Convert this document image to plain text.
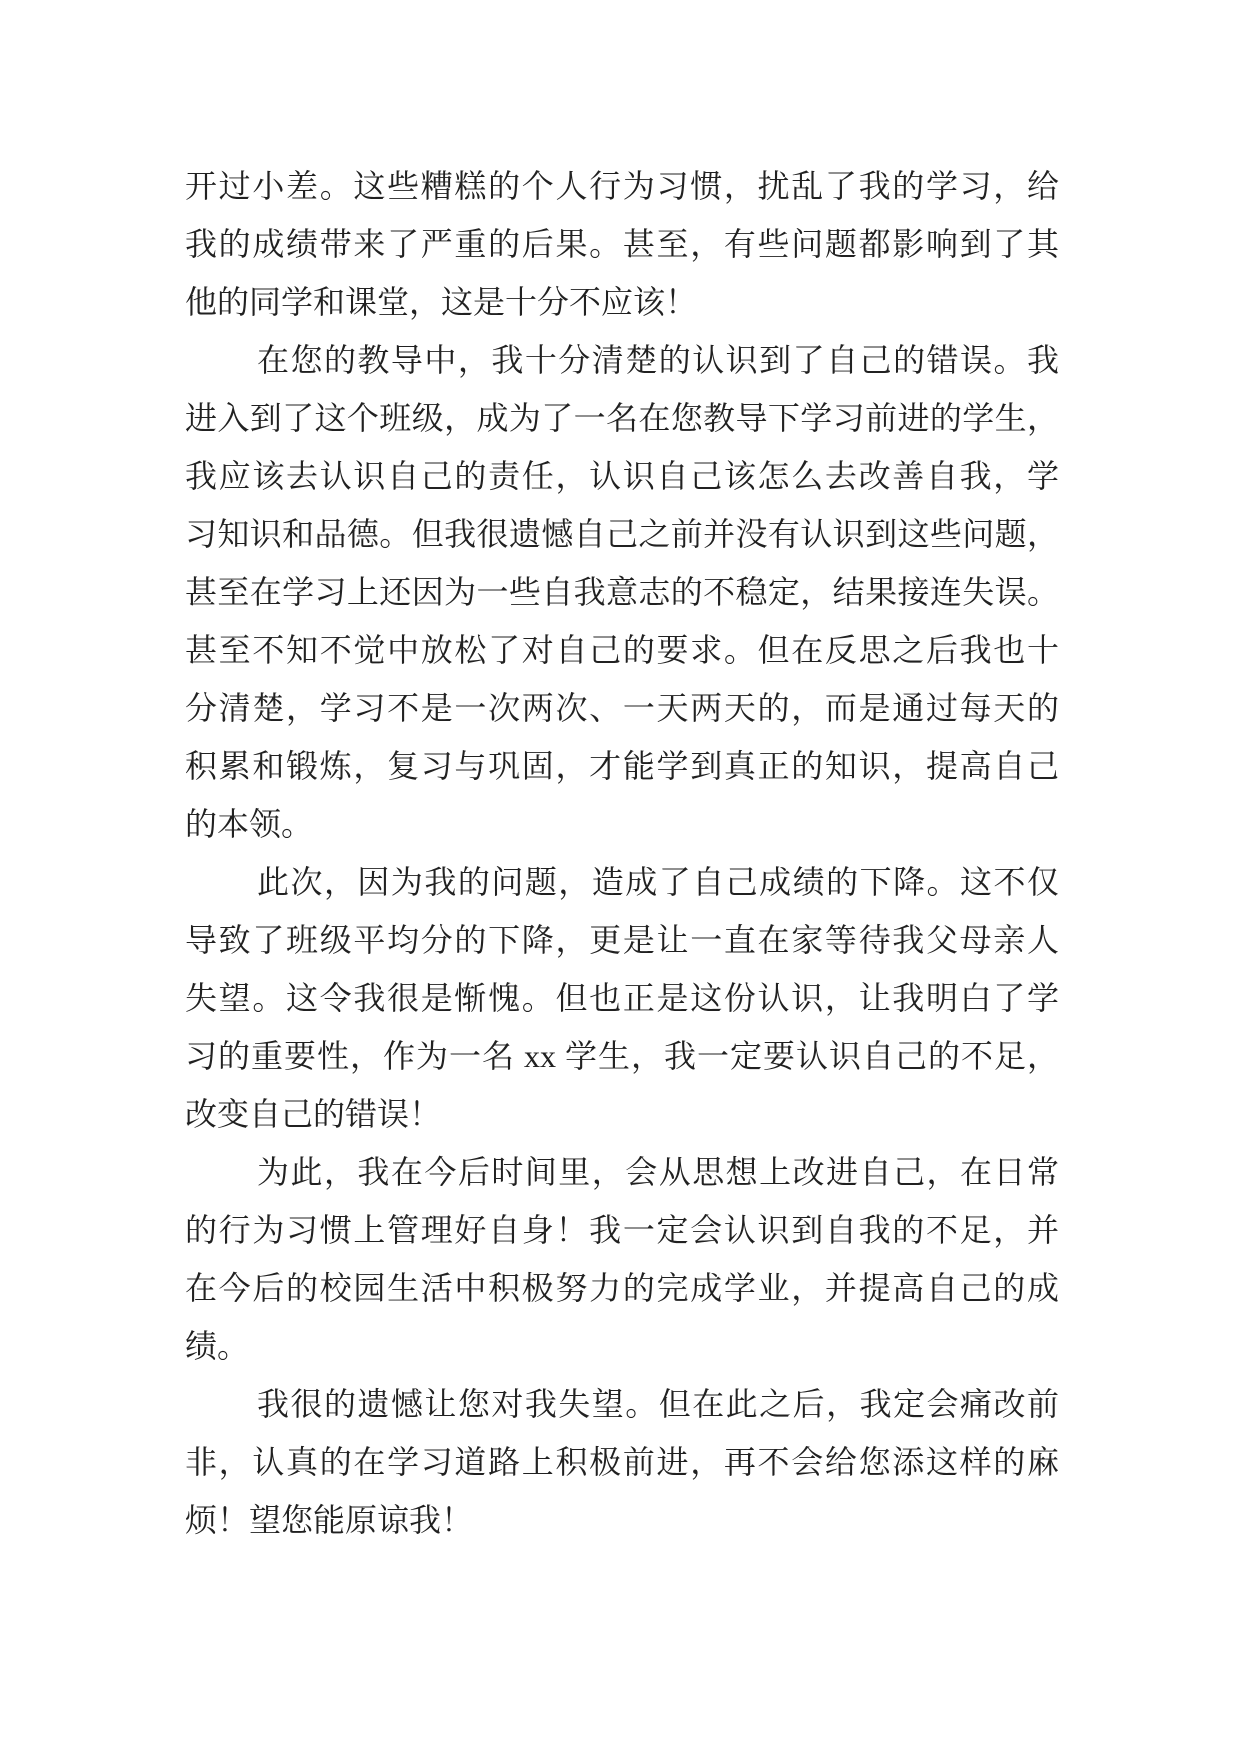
开过小差。这些糟糕的个人行为习惯，扰乱了我的学习，给
我的成绩带来了严重的后果。甚至，有些问题都影响到了其
他的同学和课堂，这是十分不应该！
在您的教导中，我十分清楚的认识到了自己的错误。我
进入到了这个班级，成为了一名在您教导下学习前进的学生，
我应该去认识自己的责任，认识自己该怎么去改善自我，学
习知识和品德。但我很遗憾自己之前并没有认识到这些问题，
甚至在学习上还因为一些自我意志的不稳定，结果接连失误。
甚至不知不觉中放松了对自己的要求。但在反思之后我也十
分清楚，学习不是一次两次、一天两天的，而是通过每天的
积累和锻炼，复习与巩固，才能学到真正的知识，提高自己
的本领。
此次，因为我的问题，造成了自己成绩的下降。这不仅
导致了班级平均分的下降，更是让一直在家等待我父母亲人
失望。这令我很是惭愧。但也正是这份认识，让我明白了学
习的重要性，作为一名 xx 学生，我一定要认识自己的不足，
改变自己的错误！
为此，我在今后时间里，会从思想上改进自己，在日常
的行为习惯上管理好自身！我一定会认识到自我的不足，并
在今后的校园生活中积极努力的完成学业，并提高自己的成
绩。
我很的遗憾让您对我失望。但在此之后，我定会痛改前
非，认真的在学习道路上积极前进，再不会给您添这样的麻
烦！望您能原谅我！
